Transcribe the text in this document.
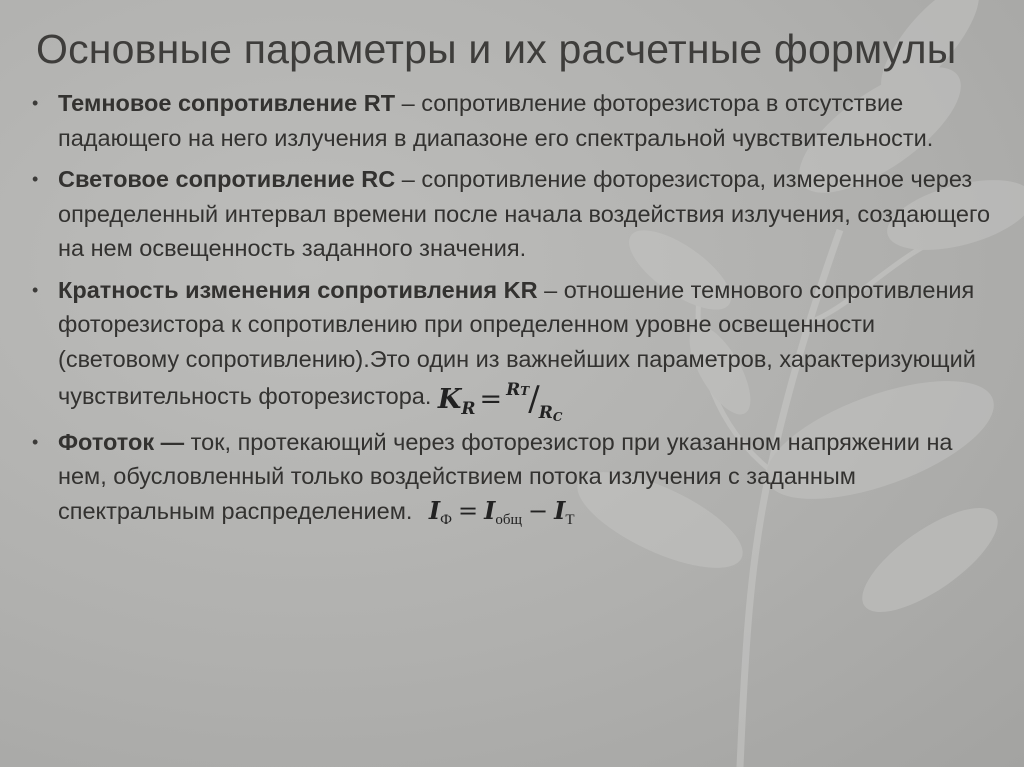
Основные параметры и их расчетные формулы
• Темновое сопротивление RT – сопротивление фоторезистора в отсутствие падающего на него излучения в диапазоне его спектральной чувствительности.
• Световое сопротивление RC – сопротивление фоторезистора, измеренное через определенный интервал времени после начала воздействия излучения, создающего на нем освещенность заданного значения.
• Кратность изменения сопротивления KR – отношение темнового сопротивления фоторезистора к сопротивлению при определенном уровне освещенности (световому сопротивлению).Это один из важнейших параметров, характеризующий чувствительность фоторезистора. $K_R = ^{RT}/_{RC}$
• Фототок — ток, протекающий через фоторезистор при указанном напряжении на нем, обусловленный только воздействием потока излучения с заданным спектральным распределением. $I_Ф = I_{общ} - I_Т$
